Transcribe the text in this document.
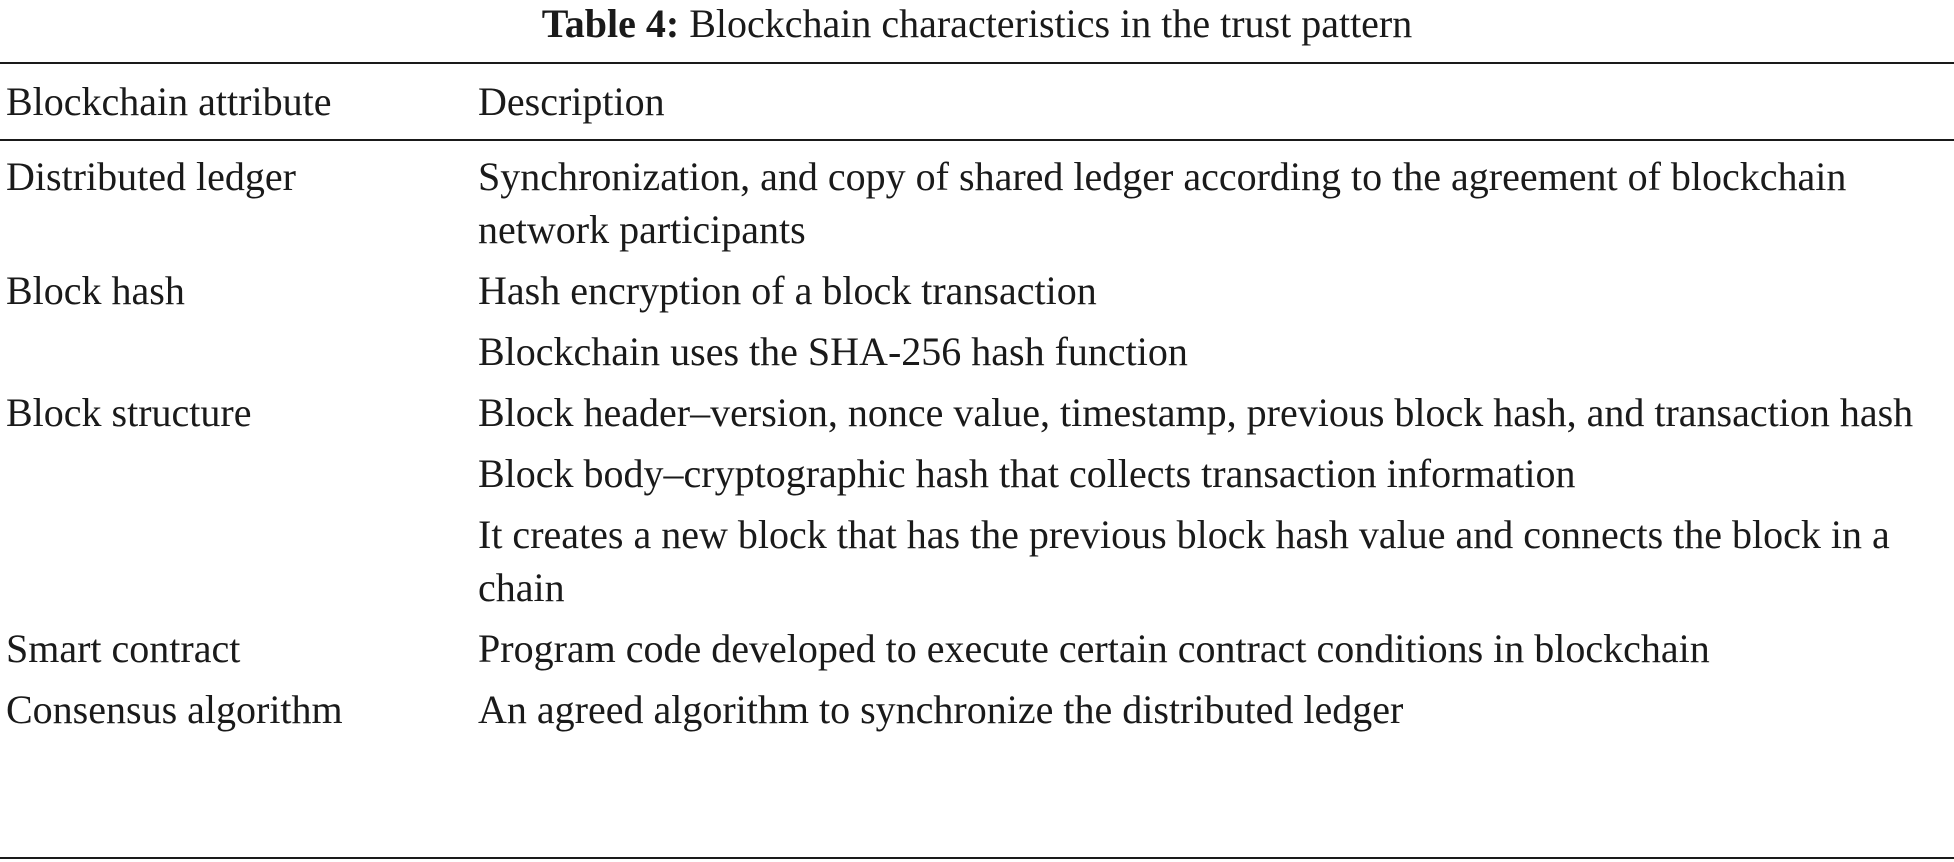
Table 4: Blockchain characteristics in the trust pattern
Blockchain attribute	Description
Distributed ledger	Synchronization, and copy of shared ledger according to the agreement of blockchain network participants
Block hash	Hash encryption of a block transaction
Blockchain uses the SHA-256 hash function
Block structure	Block header–version, nonce value, timestamp, previous block hash, and transaction hash
Block body–cryptographic hash that collects transaction information
It creates a new block that has the previous block hash value and connects the block in a chain
Smart contract	Program code developed to execute certain contract conditions in blockchain
Consensus algorithm	An agreed algorithm to synchronize the distributed ledger
